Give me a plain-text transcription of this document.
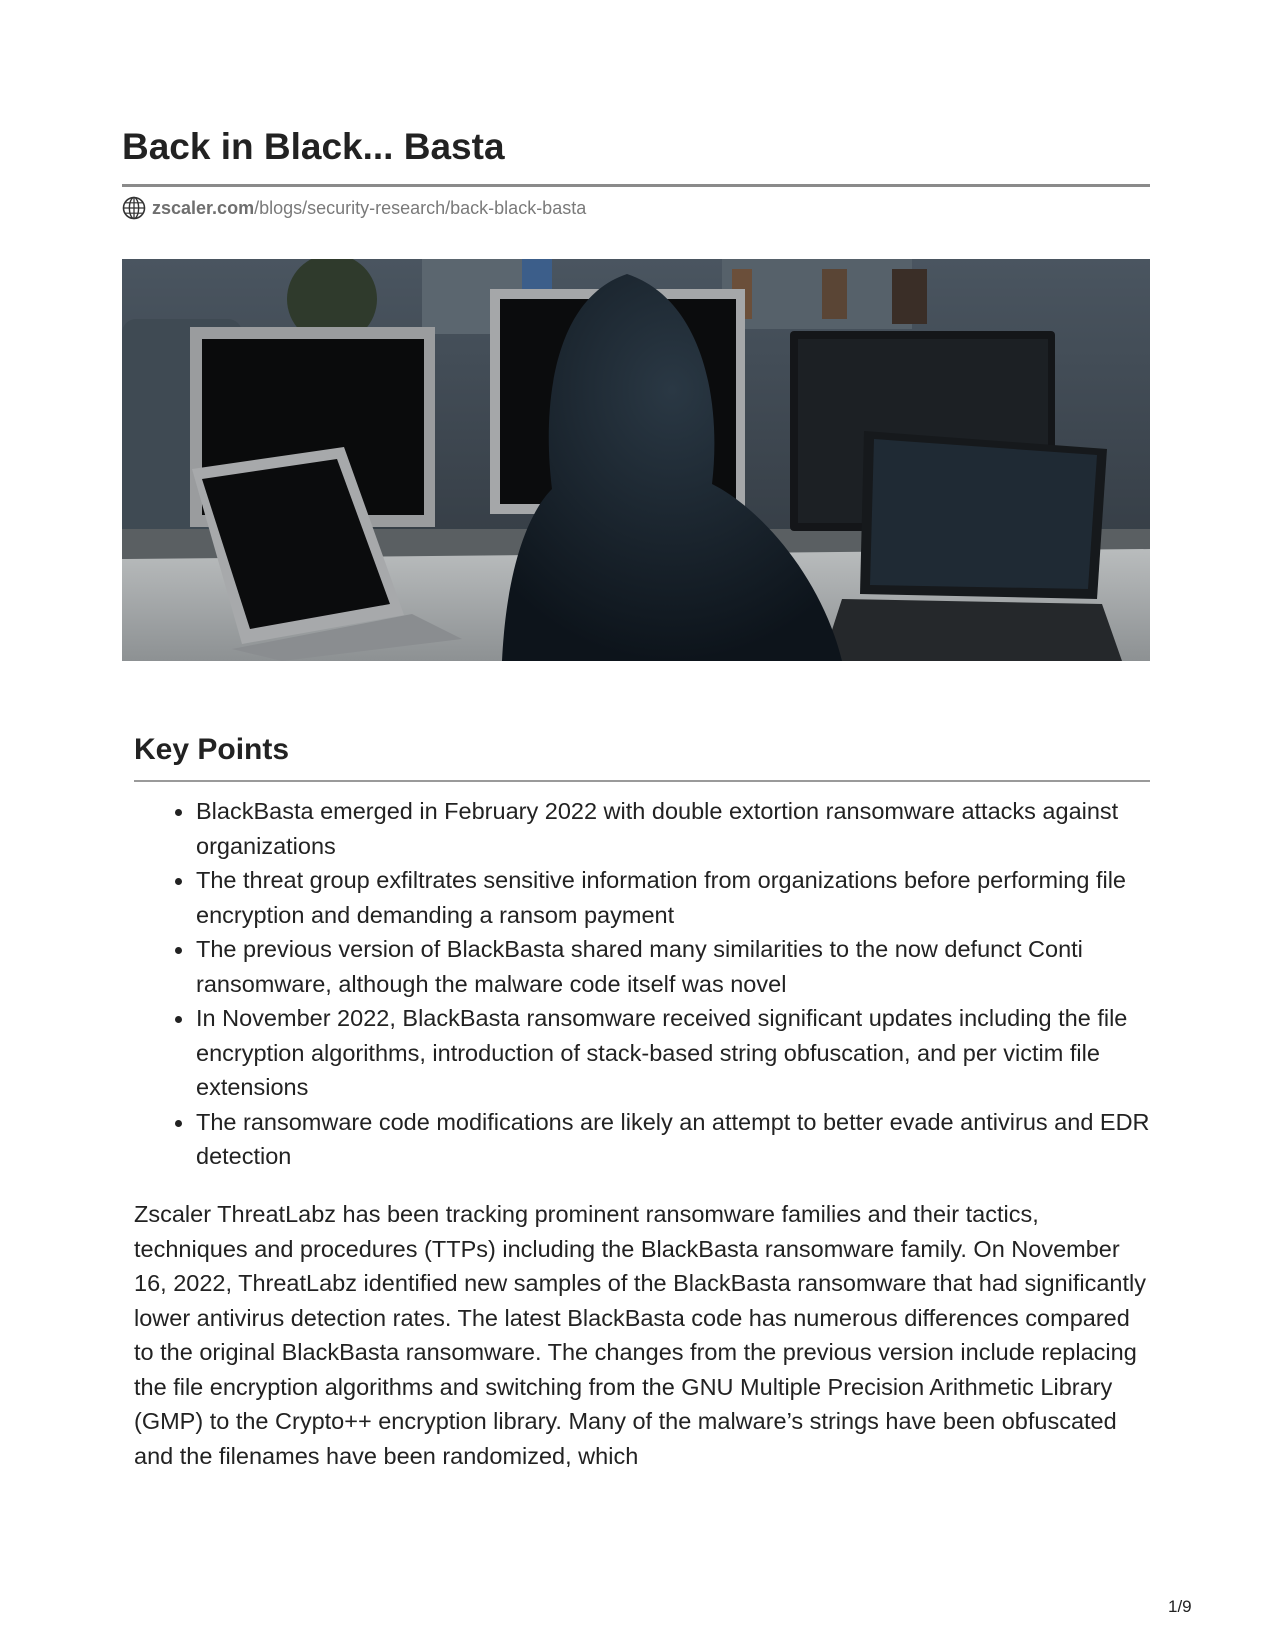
Back in Black... Basta
zscaler.com /blogs/security-research/back-black-basta
Key Points
BlackBasta emerged in February 2022 with double extortion ransomware attacks against organizations
The threat group exfiltrates sensitive information from organizations before performing file encryption and demanding a ransom payment
The previous version of BlackBasta shared many similarities to the now defunct Conti ransomware, although the malware code itself was novel
In November 2022, BlackBasta ransomware received significant updates including the file encryption algorithms, introduction of stack-based string obfuscation, and per victim file extensions
The ransomware code modifications are likely an attempt to better evade antivirus and EDR detection

Zscaler ThreatLabz has been tracking prominent ransomware families and their tactics, techniques and procedures (TTPs) including the BlackBasta ransomware family. On November 16, 2022, ThreatLabz identified new samples of the BlackBasta ransomware that had significantly lower antivirus detection rates. The latest BlackBasta code has numerous differences compared to the original BlackBasta ransomware. The changes from the previous version include replacing the file encryption algorithms and switching from the GNU Multiple Precision Arithmetic Library (GMP) to the Crypto++ encryption library. Many of the malware’s strings have been obfuscated and the filenames have been randomized, which

1/9
